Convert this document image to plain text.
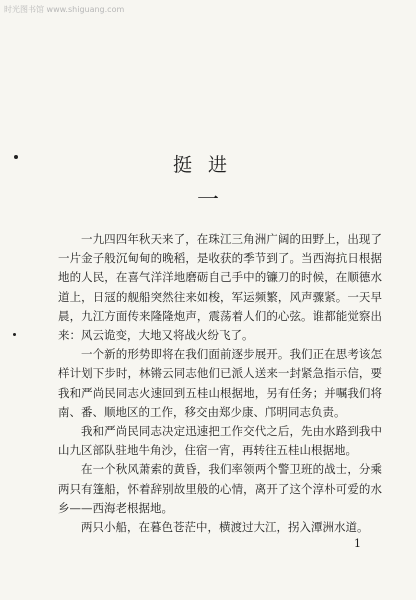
时光图书馆 www.shiguang.com
挺进
一

一九四四年秋天来了，在珠江三角洲广阔的田野上，出现了一片金子般沉甸甸的晚稻，是收获的季节到了。当西海抗日根据地的人民，在喜气洋洋地磨砺自己手中的镰刀的时候，在顺德水道上，日冦的舰船突然往来如梭，军运频繁，风声骤紧。一天早晨，九江方面传来隆隆炮声，震荡着人们的心弦。谁都能觉察出来：风云诡变，大地又将战火纷飞了。

一个新的形势即将在我们面前逐步展开。我们正在思考该怎样计划下步时，林锵云同志他们已派人送来一封紧急指示信，要我和严尚民同志火速回到五桂山根据地，另有任务；并嘱我们将南、番、顺地区的工作，移交由郑少康、邝明同志负责。

我和严尚民同志决定迅速把工作交代之后，先由水路到我中山九区部队驻地牛角沙，住宿一宵，再转往五桂山根据地。

在一个秋风萧索的黄昏，我们率领两个警卫班的战士，分乘两只有篷船，怀着辞别故里般的心情，离开了这个淳朴可爱的水乡——西海老根据地。

两只小船，在暮色苍茫中，横渡过大江，拐入潭洲水道。

1
